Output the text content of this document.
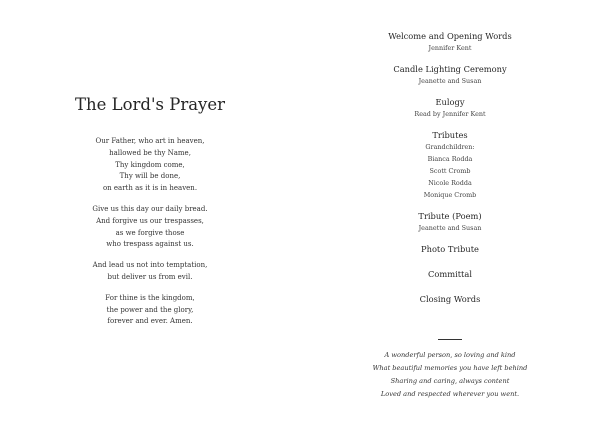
The Lord's Prayer
Our Father, who art in heaven,
hallowed be thy Name,
Thy kingdom come,
Thy will be done,
on earth as it is in heaven.
Give us this day our daily bread.
And forgive us our trespasses,
as we forgive those
who trespass against us.
And lead us not into temptation,
but deliver us from evil.
For thine is the kingdom,
the power and the glory,
forever and ever. Amen.
Welcome and Opening Words
Jennifer Kent
Candle Lighting Ceremony
Jeanette and Susan
Eulogy
Read by Jennifer Kent
Tributes
Grandchildren:
Bianca Rodda
Scott Cromb
Nicole Rodda
Monique Cromb
Tribute (Poem)
Jeanette and Susan
Photo Tribute
Committal
Closing Words
A wonderful person, so loving and kind
What beautiful memories you have left behind
Sharing and caring, always content
Loved and respected wherever you went.
